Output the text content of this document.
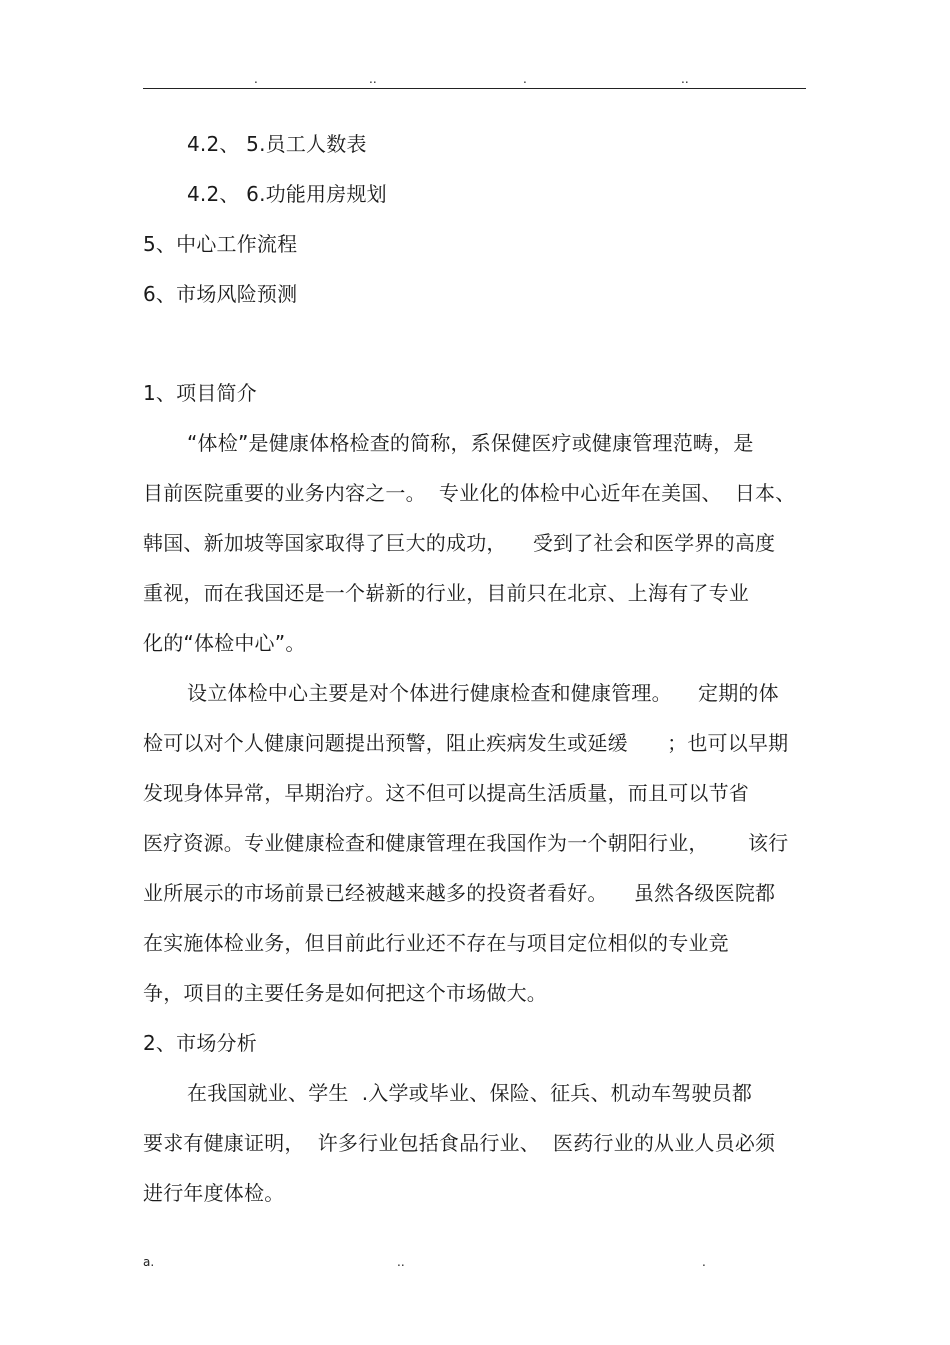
.	..	.	..
4.2、 5.员工人数表
4.2、 6.功能用房规划
5、中心工作流程
6、市场风险预测
1、项目简介
“体检”是健康体格检查的简称，系保健医疗或健康管理范畴，是
目前医院重要的业务内容之一。  专业化的体检中心近年在美国、  日本、
韩国、新加坡等国家取得了巨大的成功，    受到了社会和医学界的高度
重视，而在我国还是一个崭新的行业，目前只在北京、上海有了专业
化的“体检中心”。
设立体检中心主要是对个体进行健康检查和健康管理。    定期的体
检可以对个人健康问题提出预警，阻止疾病发生或延缓      ；也可以早期
发现身体异常，早期治疗。这不但可以提高生活质量，而且可以节省
医疗资源。专业健康检查和健康管理在我国作为一个朝阳行业，      该行
业所展示的市场前景已经被越来越多的投资者看好。    虽然各级医院都
在实施体检业务，但目前此行业还不存在与项目定位相似的专业竞
争，项目的主要任务是如何把这个市场做大。
2、市场分析
在我国就业、学生  .入学或毕业、保险、征兵、机动车驾驶员都
要求有健康证明，  许多行业包括食品行业、  医药行业的从业人员必须
进行年度体检。
a.	..	.
